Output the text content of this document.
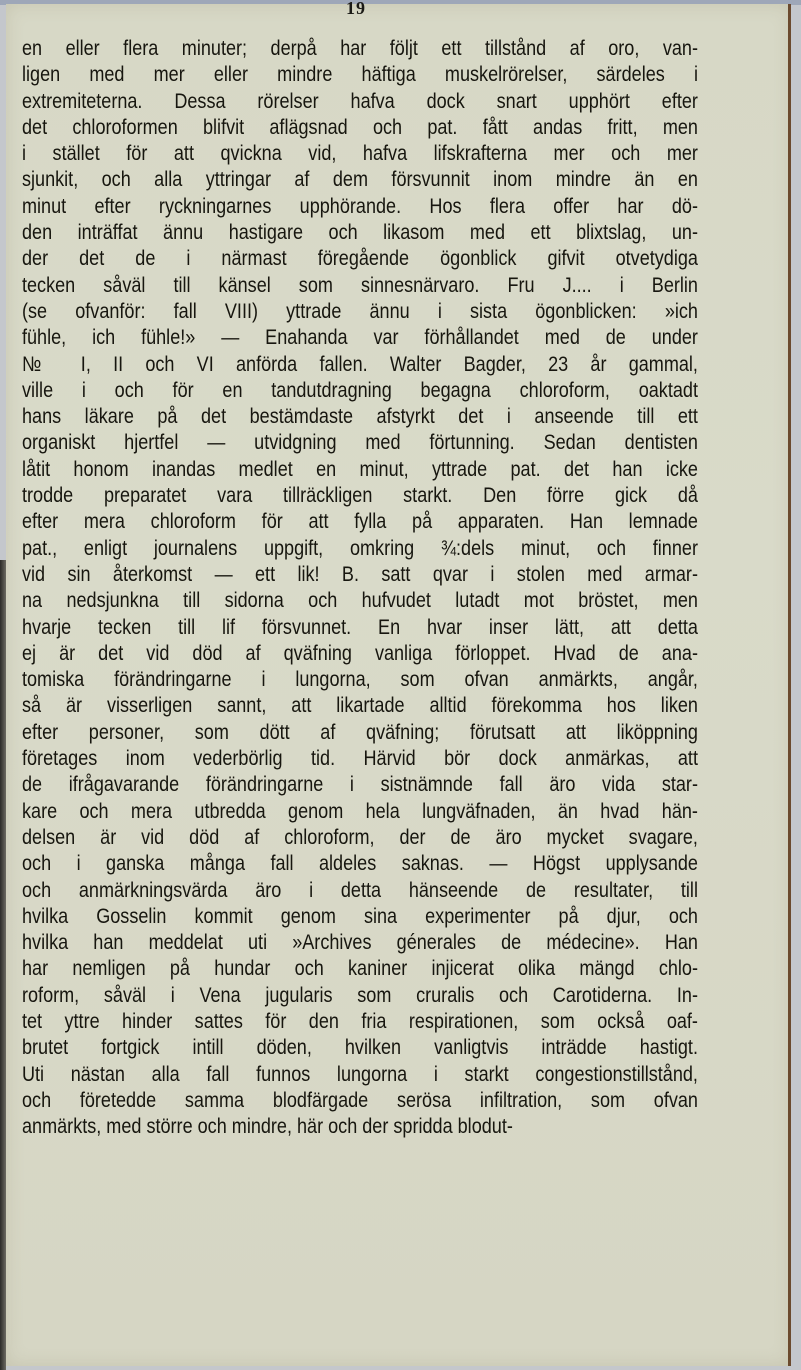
19
en eller flera minuter; derpå har följt ett tillstånd af oro, van-
ligen med mer eller mindre häftiga muskelrörelser, särdeles i
extremiteterna. Dessa rörelser hafva dock snart upphört efter
det chloroformen blifvit aflägsnad och pat. fått andas fritt, men
i stället för att qvickna vid, hafva lifskrafterna mer och mer
sjunkit, och alla yttringar af dem försvunnit inom mindre än en
minut efter ryckningarnes upphörande. Hos flera offer har dö-
den inträffat ännu hastigare och likasom med ett blixtslag, un-
der det de i närmast föregående ögonblick gifvit otvetydiga
tecken såväl till känsel som sinnesnärvaro. Fru J.... i Berlin
(se ofvanför: fall VIII) yttrade ännu i sista ögonblicken: »ich
fühle, ich fühle!» — Enahanda var förhållandet med de under
№ I, II och VI anförda fallen. Walter Bagder, 23 år gammal,
ville i och för en tandutdragning begagna chloroform, oaktadt
hans läkare på det bestämdaste afstyrkt det i anseende till ett
organiskt hjertfel — utvidgning med förtunning. Sedan dentisten
låtit honom inandas medlet en minut, yttrade pat. det han icke
trodde preparatet vara tillräckligen starkt. Den förre gick då
efter mera chloroform för att fylla på apparaten. Han lemnade
pat., enligt journalens uppgift, omkring ¾:dels minut, och finner
vid sin återkomst — ett lik! B. satt qvar i stolen med armar-
na nedsjunkna till sidorna och hufvudet lutadt mot bröstet, men
hvarje tecken till lif försvunnet. En hvar inser lätt, att detta
ej är det vid död af qväfning vanliga förloppet. Hvad de ana-
tomiska förändringarne i lungorna, som ofvan anmärkts, angår,
så är visserligen sannt, att likartade alltid förekomma hos liken
efter personer, som dött af qväfning; förutsatt att liköppning
företages inom vederbörlig tid. Härvid bör dock anmärkas, att
de ifrågavarande förändringarne i sistnämnde fall äro vida star-
kare och mera utbredda genom hela lungväfnaden, än hvad hän-
delsen är vid död af chloroform, der de äro mycket svagare,
och i ganska många fall aldeles saknas. — Högst upplysande
och anmärkningsvärda äro i detta hänseende de resultater, till
hvilka Gosselin kommit genom sina experimenter på djur, och
hvilka han meddelat uti »Archives génerales de médecine». Han
har nemligen på hundar och kaniner injicerat olika mängd chlo-
roform, såväl i Vena jugularis som cruralis och Carotiderna. In-
tet yttre hinder sattes för den fria respirationen, som också oaf-
brutet fortgick intill döden, hvilken vanligtvis inträdde hastigt.
Uti nästan alla fall funnos lungorna i starkt congestionstillstånd,
och företedde samma blodfärgade serösa infiltration, som ofvan
anmärkts, med större och mindre, här och der spridda blodut-
